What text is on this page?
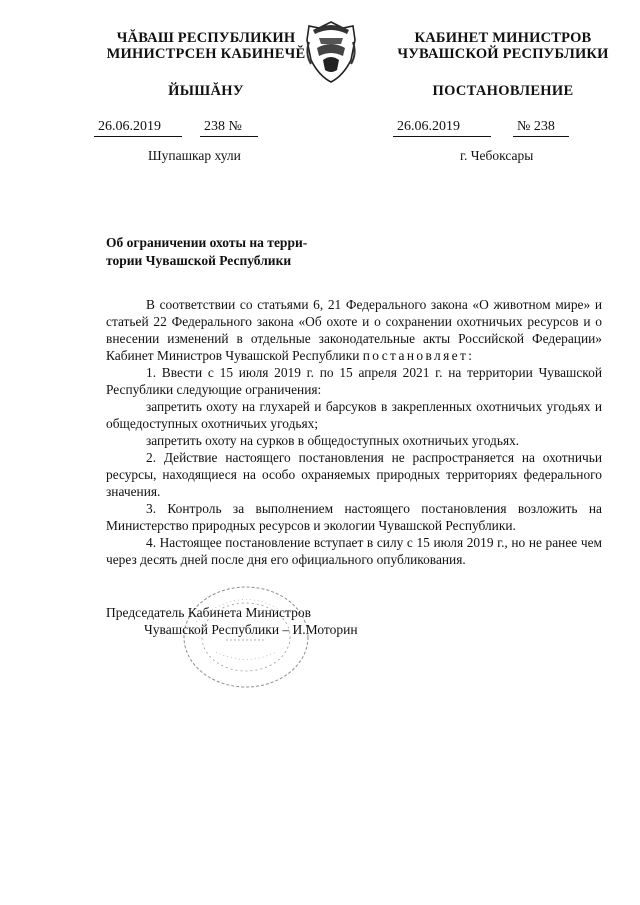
ЧĂВАШ РЕСПУБЛИКИН
МИНИСТРСЕН КАБИНЕЧĔ
ЙЫШĂНУ
КАБИНЕТ МИНИСТРОВ
ЧУВАШСКОЙ РЕСПУБЛИКИ
ПОСТАНОВЛЕНИЕ
26.06.2019	238 №	26.06.2019	№ 238
Шупашкар хули	г. Чебоксары
Об ограничении охоты на терри-
тории Чувашской Республики

В соответствии со статьями 6, 21 Федерального закона «О животном мире» и статьей 22 Федерального закона «Об охоте и о сохранении охотничьих ресурсов и о внесении изменений в отдельные законодательные акты Российской Федерации» Кабинет Министров Чувашской Республики постановляет:

1. Ввести с 15 июля 2019 г. по 15 апреля 2021 г. на территории Чувашской Республики следующие ограничения:

запретить охоту на глухарей и барсуков в закрепленных охотничьих угодьях и общедоступных охотничьих угодьях;

запретить охоту на сурков в общедоступных охотничьих угодьях.

2. Действие настоящего постановления не распространяется на охотничьи ресурсы, находящиеся на особо охраняемых природных территориях федерального значения.

3. Контроль за выполнением настоящего постановления возложить на Министерство природных ресурсов и экологии Чувашской Республики.

4. Настоящее постановление вступает в силу с 15 июля 2019 г., но не ранее чем через десять дней после дня его официального опубликования.

Председатель Кабинета Министров
Чувашской Республики – И.Моторин
